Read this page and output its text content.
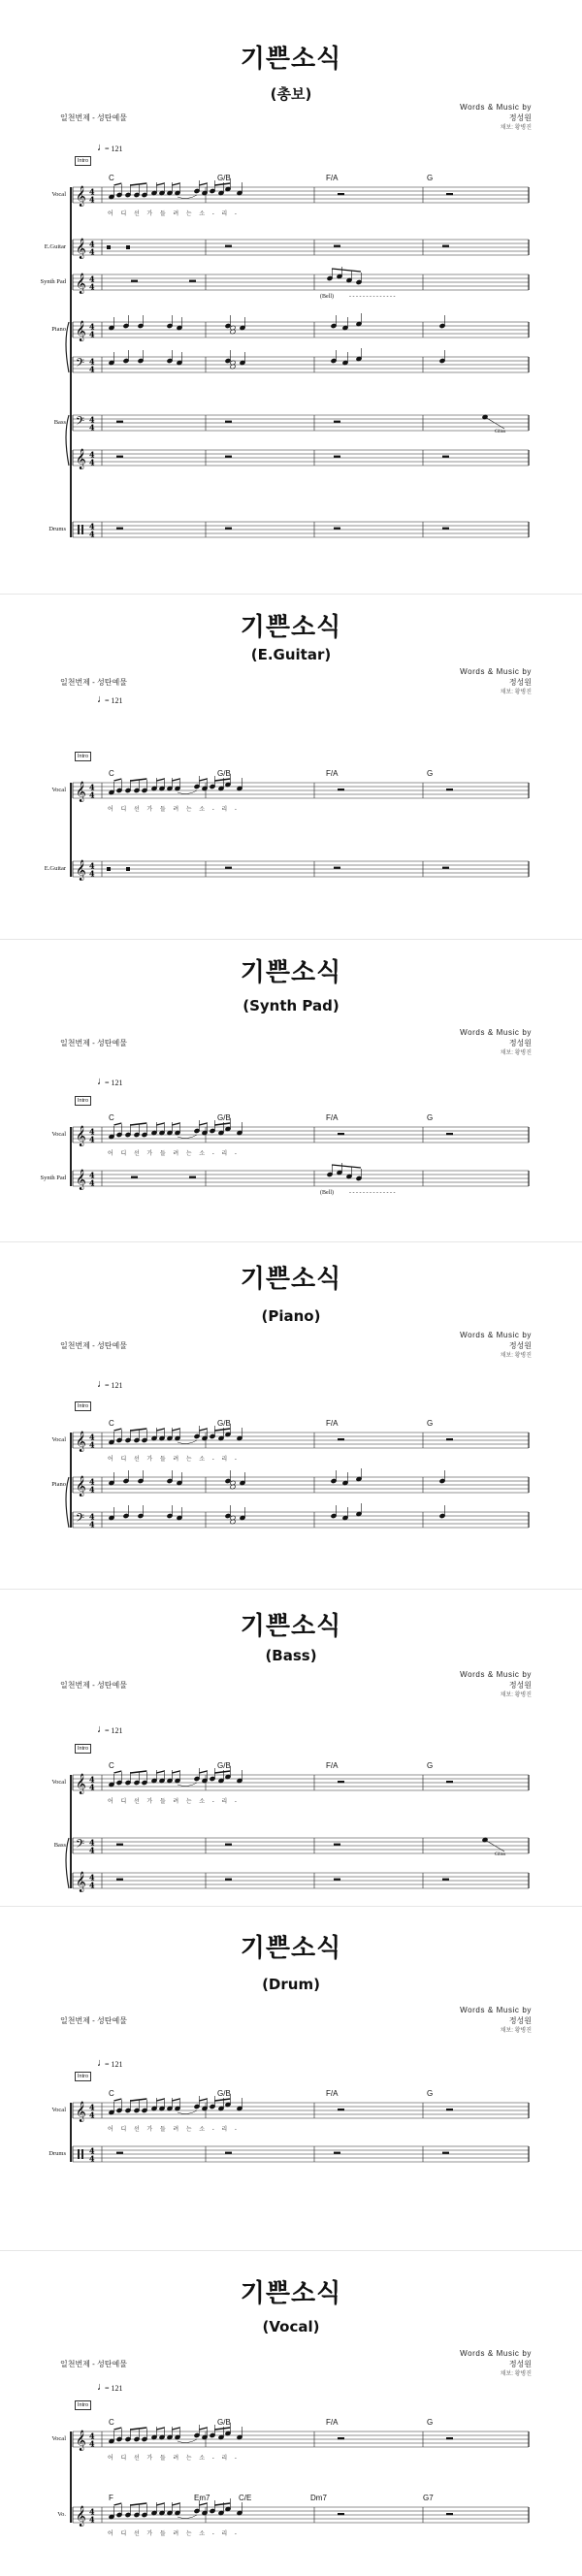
기쁜소식
(총보)
Words & Music by
정성원
채보: 황병진
일천번제 - 성탄예물
♩
= 121
Intro
𝄞 4
4
Vocal
C	G/B	F/A	G
어 디 선 가 들 려 는 소 - 리 -
𝄞 4
4
E.Guitar
𝄞 4
4
Synth Pad
(Bell)	- - - - - - - - - - - - - -
𝄞 4
4
𝄢 4
4
Piano
𝄢 4
4
𝄞 4
4
Bass
Gliss
4
4
Drums
기쁜소식
(E.Guitar)
Words & Music by
정성원
채보: 황병진
일천번제 - 성탄예물
♩
= 121
Intro
𝄞 4
4
Vocal
C	G/B	F/A	G
어 디 선 가 들 려 는 소 - 리 -
𝄞 4
4
E.Guitar
기쁜소식
(Synth Pad)
Words & Music by
정성원
채보: 황병진
일천번제 - 성탄예물
♩
= 121
Intro
𝄞 4
4
Vocal
C	G/B	F/A	G
어 디 선 가 들 려 는 소 - 리 -
𝄞 4
4
Synth Pad
(Bell)	- - - - - - - - - - - - - -
기쁜소식
(Piano)
Words & Music by
정성원
채보: 황병진
일천번제 - 성탄예물
♩
= 121
Intro
𝄞 4
4
Vocal
C	G/B	F/A	G
어 디 선 가 들 려 는 소 - 리 -
𝄞 4
4
𝄢 4
4
Piano
기쁜소식
(Bass)
Words & Music by
정성원
채보: 황병진
일천번제 - 성탄예물
♩
= 121
Intro
𝄞 4
4
Vocal
C	G/B	F/A	G
어 디 선 가 들 려 는 소 - 리 -
𝄢 4
4
𝄞 4
4
Bass
Gliss
기쁜소식
(Drum)
Words & Music by
정성원
채보: 황병진
일천번제 - 성탄예물
♩
= 121
Intro
𝄞 4
4
Vocal
C	G/B	F/A	G
어 디 선 가 들 려 는 소 - 리 -
4
4
Drums
기쁜소식
(Vocal)
Words & Music by
정성원
채보: 황병진
일천번제 - 성탄예물
♩
= 121
Intro
𝄞 4
4
Vocal
C	G/B	F/A	G
어 디 선 가 들 려 는 소 - 리 -
𝄞 4
4
Vo.
F	Em7	C/E	Dm7	G7
어 디 선 가 들 려 는 소 - 리 -
